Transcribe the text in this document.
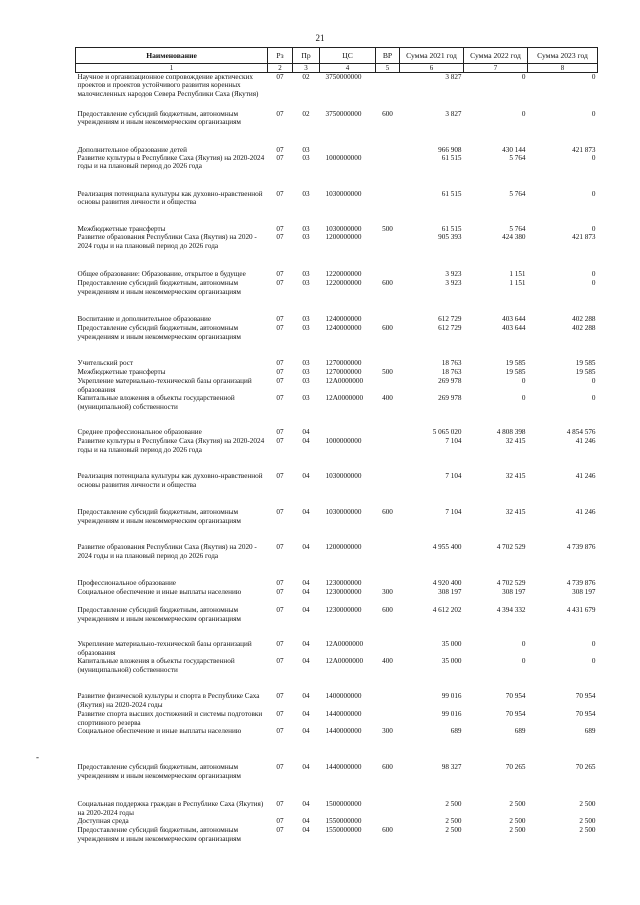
21
-
Наименование	Рз	Пр	ЦС	ВР	Сумма 2021 год	Сумма 2022 год	Сумма 2023 год
1	2	3	4	5	6	7	8
Научное и организационное сопровождение арктических проектов и проектов устойчивого развития коренных малочисленных народов Севера Республики Саха (Якутия)	07	02	3750000000		3 827	0	0
Предоставление субсидий бюджетным, автономным учреждениям и иным некоммерческим организациям	07	02	3750000000	600	3 827	0	0
Дополнительное образование детей	07	03			966 908	430 144	421 873
Развитие культуры в Республике Саха (Якутия) на 2020-2024 годы и на плановый период до 2026 года	07	03	1000000000		61 515	5 764	0
Реализация потенциала культуры как духовно-нравственной основы развития личности и общества	07	03	1030000000		61 515	5 764	0
Межбюджетные трансферты	07	03	1030000000	500	61 515	5 764	0
Развитие образования Республики Саха (Якутия) на 2020 - 2024 годы и на плановый период до 2026 года	07	03	1200000000		905 393	424 380	421 873
Общее образование: Образование, открытое в будущее	07	03	1220000000		3 923	1 151	0
Предоставление субсидий бюджетным, автономным учреждениям и иным некоммерческим организациям	07	03	1220000000	600	3 923	1 151	0
Воспитание и дополнительное образование	07	03	1240000000		612 729	403 644	402 288
Предоставление субсидий бюджетным, автономным учреждениям и иным некоммерческим организациям	07	03	1240000000	600	612 729	403 644	402 288
Учительский рост	07	03	1270000000		18 763	19 585	19 585
Межбюджетные трансферты	07	03	1270000000	500	18 763	19 585	19 585
Укрепление материально-технической базы организаций образования	07	03	12А0000000		269 978	0	0
Капитальные вложения в объекты государственной (муниципальной) собственности	07	03	12А0000000	400	269 978	0	0
Среднее профессиональное образование	07	04			5 065 020	4 808 398	4 854 576
Развитие культуры в Республике Саха (Якутия) на 2020-2024 годы и на плановый период до 2026 года	07	04	1000000000		7 104	32 415	41 246
Реализация потенциала культуры как духовно-нравственной основы развития личности и общества	07	04	1030000000		7 104	32 415	41 246
Предоставление субсидий бюджетным, автономным учреждениям и иным некоммерческим организациям	07	04	1030000000	600	7 104	32 415	41 246
Развитие образования Республики Саха (Якутия) на 2020 - 2024 годы и на плановый период до 2026 года	07	04	1200000000		4 955 400	4 702 529	4 739 876
Профессиональное образование	07	04	1230000000		4 920 400	4 702 529	4 739 876
Социальное обеспечение и иные выплаты населению	07	04	1230000000	300	308 197	308 197	308 197
Предоставление субсидий бюджетным, автономным учреждениям и иным некоммерческим организациям	07	04	1230000000	600	4 612 202	4 394 332	4 431 679
Укрепление материально-технической базы организаций образования	07	04	12А0000000		35 000	0	0
Капитальные вложения в объекты государственной (муниципальной) собственности	07	04	12А0000000	400	35 000	0	0
Развитие физической культуры и спорта в Республике Саха (Якутия) на 2020-2024 годы	07	04	1400000000		99 016	70 954	70 954
Развитие спорта высших достижений и системы подготовки спортивного резерва	07	04	1440000000		99 016	70 954	70 954
Социальное обеспечение и иные выплаты населению	07	04	1440000000	300	689	689	689
Предоставление субсидий бюджетным, автономным учреждениям и иным некоммерческим организациям	07	04	1440000000	600	98 327	70 265	70 265
Социальная поддержка граждан в Республике Саха (Якутия) на 2020-2024 годы	07	04	1500000000		2 500	2 500	2 500
Доступная среда	07	04	1550000000		2 500	2 500	2 500
Предоставление субсидий бюджетным, автономным учреждениям и иным некоммерческим организациям	07	04	1550000000	600	2 500	2 500	2 500
